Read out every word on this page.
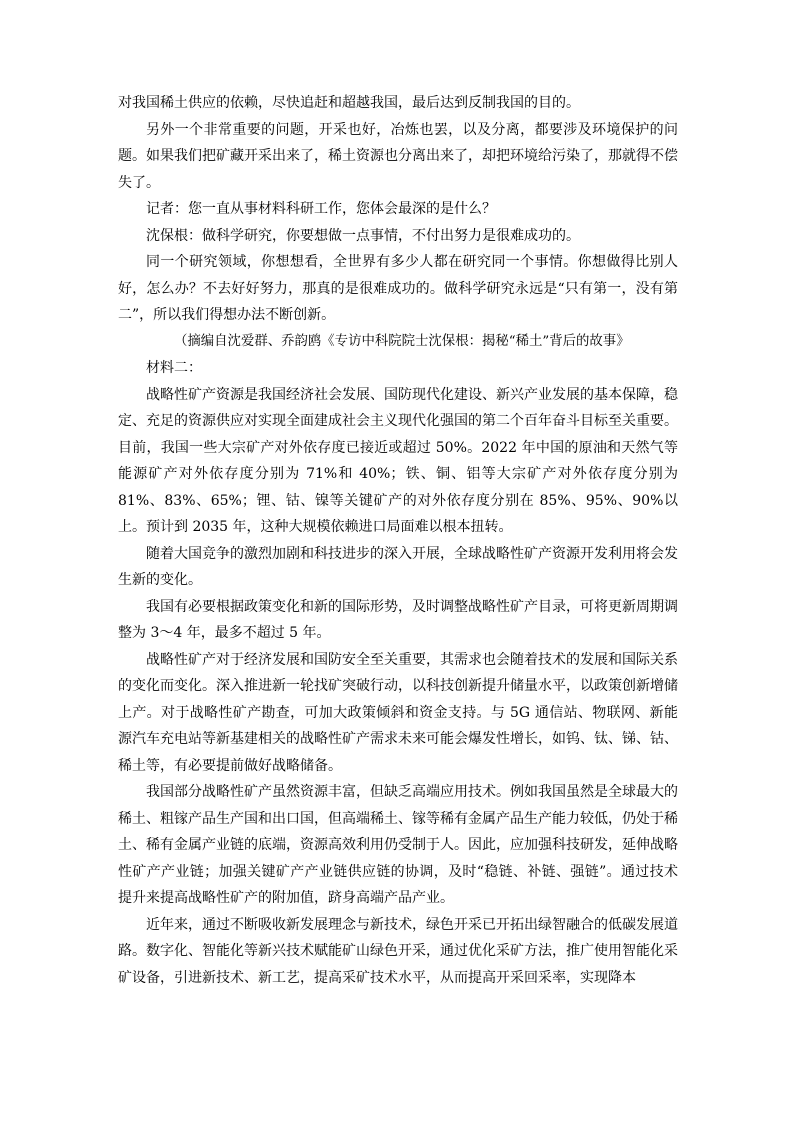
对我国稀土供应的依赖，尽快追赶和超越我国，最后达到反制我国的目的。

另外一个非常重要的问题，开采也好，冶炼也罢，以及分离，都要涉及环境保护的问题。如果我们把矿藏开采出来了，稀土资源也分离出来了，却把环境给污染了，那就得不偿失了。

记者：您一直从事材料科研工作，您体会最深的是什么？

沈保根：做科学研究，你要想做一点事情，不付出努力是很难成功的。

同一个研究领域，你想想看，全世界有多少人都在研究同一个事情。你想做得比别人好，怎么办？不去好好努力，那真的是很难成功的。做科学研究永远是“只有第一，没有第二”，所以我们得想办法不断创新。

（摘编自沈爱群、乔韵鸥《专访中科院院士沈保根：揭秘“稀土”背后的故事》

材料二：

战略性矿产资源是我国经济社会发展、国防现代化建设、新兴产业发展的基本保障，稳定、充足的资源供应对实现全面建成社会主义现代化强国的第二个百年奋斗目标至关重要。目前，我国一些大宗矿产对外依存度已接近或超过 50%。2022 年中国的原油和天然气等能源矿产对外依存度分别为 71%和 40%；铁、铜、铝等大宗矿产对外依存度分别为 81%、83%、65%；锂、钴、镍等关键矿产的对外依存度分别在 85%、95%、90%以上。预计到 2035 年，这种大规模依赖进口局面难以根本扭转。

随着大国竞争的激烈加剧和科技进步的深入开展，全球战略性矿产资源开发利用将会发生新的变化。

我国有必要根据政策变化和新的国际形势，及时调整战略性矿产目录，可将更新周期调整为 3～4 年，最多不超过 5 年。

战略性矿产对于经济发展和国防安全至关重要，其需求也会随着技术的发展和国际关系的变化而变化。深入推进新一轮找矿突破行动，以科技创新提升储量水平，以政策创新增储上产。对于战略性矿产勘查，可加大政策倾斜和资金支持。与 5G 通信站、物联网、新能源汽车充电站等新基建相关的战略性矿产需求未来可能会爆发性增长，如钨、钛、锑、钴、稀土等，有必要提前做好战略储备。

我国部分战略性矿产虽然资源丰富，但缺乏高端应用技术。例如我国虽然是全球最大的稀土、粗镓产品生产国和出口国，但高端稀土、镓等稀有金属产品生产能力较低，仍处于稀土、稀有金属产业链的底端，资源高效利用仍受制于人。因此，应加强科技研发，延伸战略性矿产产业链；加强关键矿产产业链供应链的协调，及时“稳链、补链、强链”。通过技术提升来提高战略性矿产的附加值，跻身高端产品产业。

近年来，通过不断吸收新发展理念与新技术，绿色开采已开拓出绿智融合的低碳发展道路。数字化、智能化等新兴技术赋能矿山绿色开采，通过优化采矿方法，推广使用智能化采矿设备，引进新技术、新工艺，提高采矿技术水平，从而提高开采回采率，实现降本
